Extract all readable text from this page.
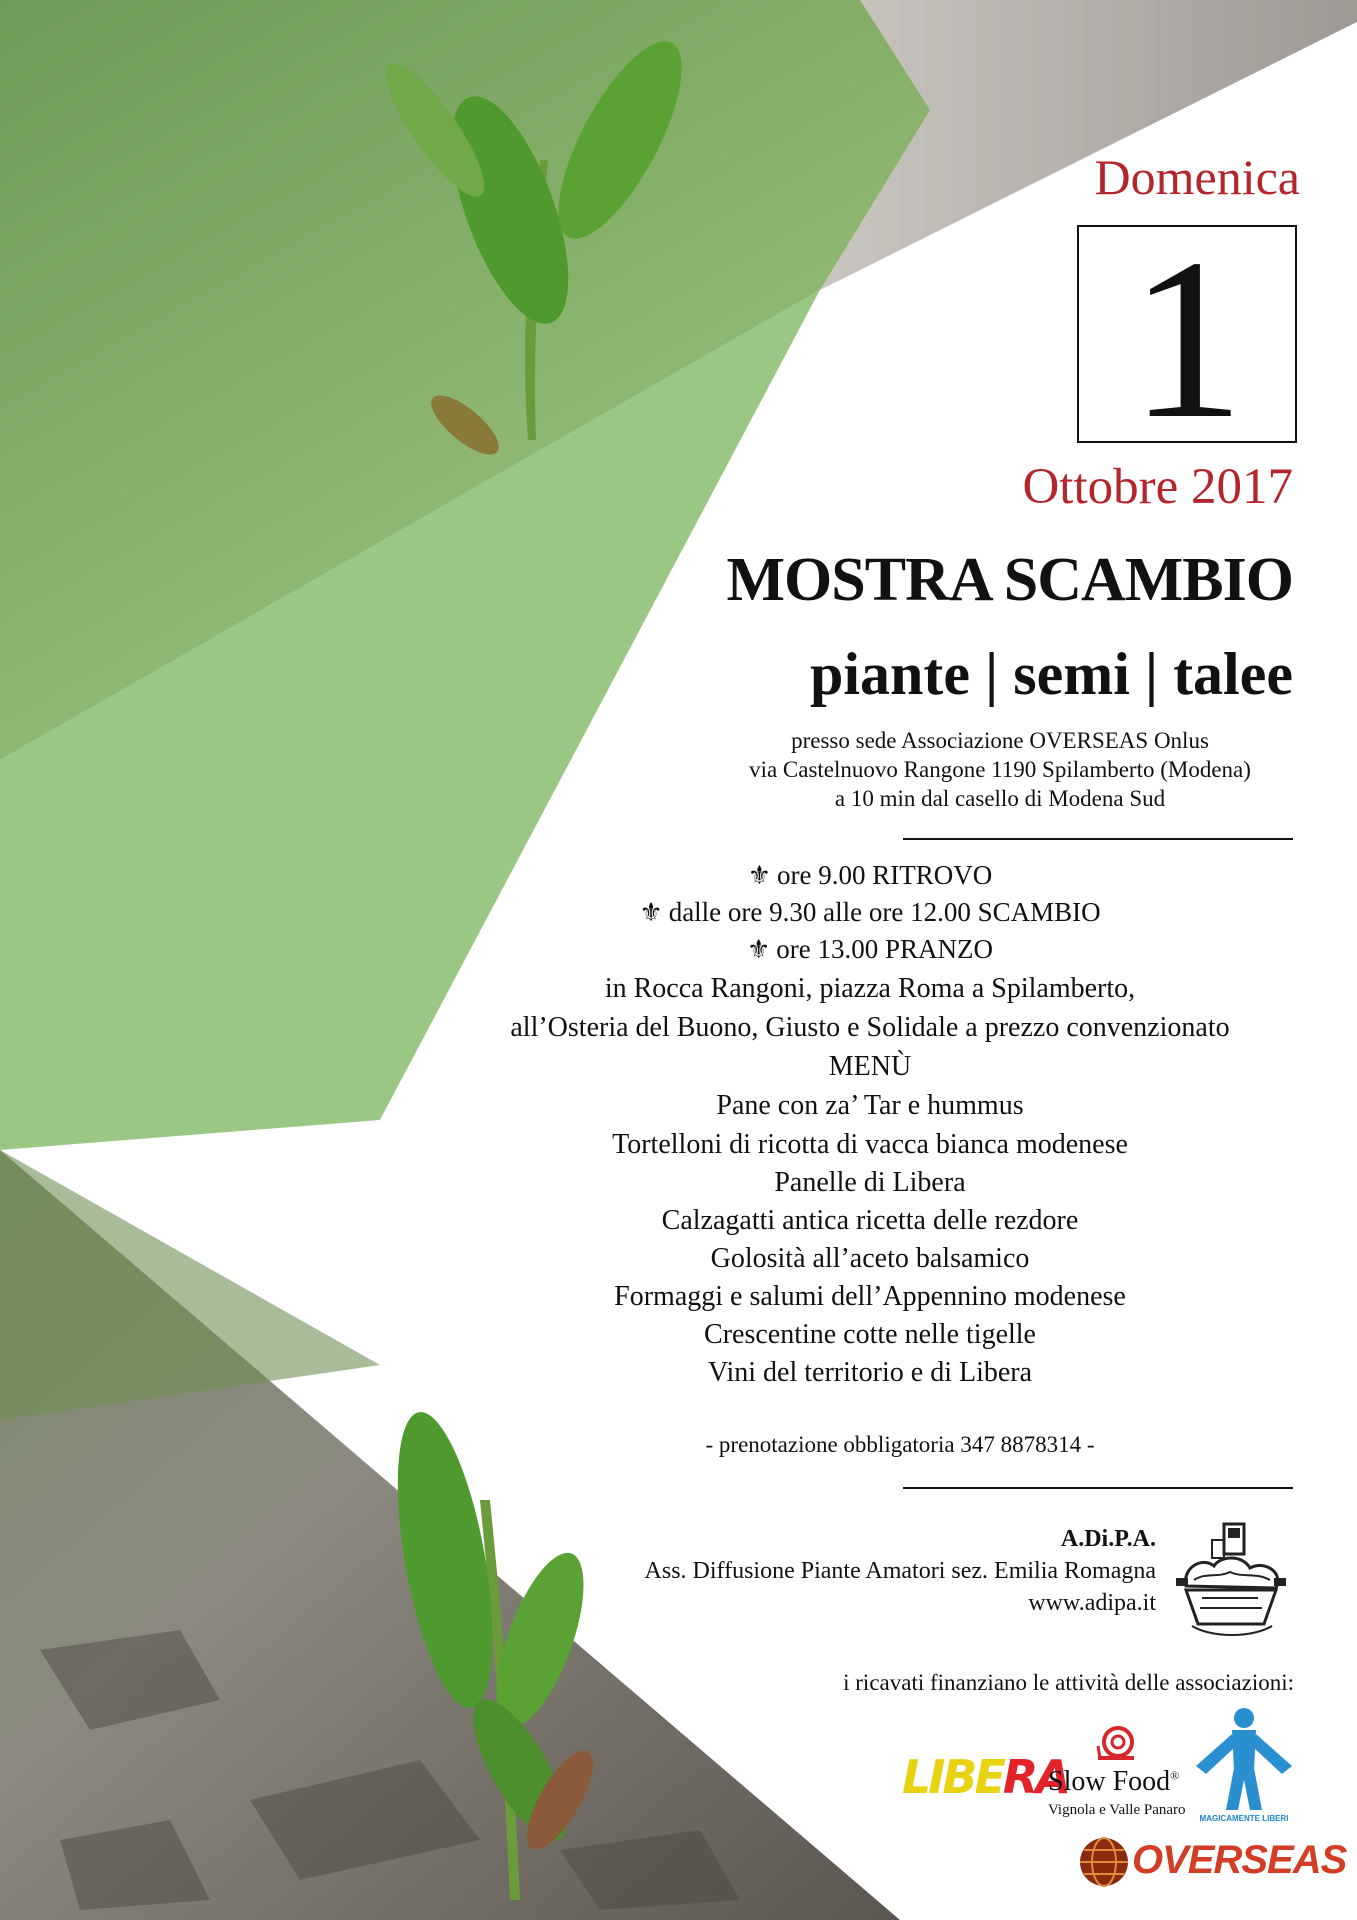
Domenica
1
Ottobre 2017
MOSTRA SCAMBIO
piante | semi | talee
presso sede Associazione OVERSEAS Onlus
via Castelnuovo Rangone 1190 Spilamberto (Modena)
a 10 min dal casello di Modena Sud
⚜ ore 9.00 RITROVO
⚜ dalle ore 9.30 alle ore 12.00 SCAMBIO
⚜ ore 13.00 PRANZO
in Rocca Rangoni, piazza Roma a Spilamberto,
all’Osteria del Buono, Giusto e Solidale a prezzo convenzionato
MENÙ
Pane con za’ Tar e hummus
Tortelloni di ricotta di vacca bianca modenese
Panelle di Libera
Calzagatti antica ricetta delle rezdore
Golosità all’aceto balsamico
Formaggi e salumi dell’Appennino modenese
Crescentine cotte nelle tigelle
Vini del territorio e di Libera
- prenotazione obbligatoria 347 8878314 -
A.Di.P.A.
Ass. Diffusione Piante Amatori sez. Emilia Romagna
www.adipa.it
i ricavati finanziano le attività delle associazioni:
LIBERA
Slow Food®
Vignola e Valle Panaro
MAGICAMENTE LIBERI
OVERSEAS
